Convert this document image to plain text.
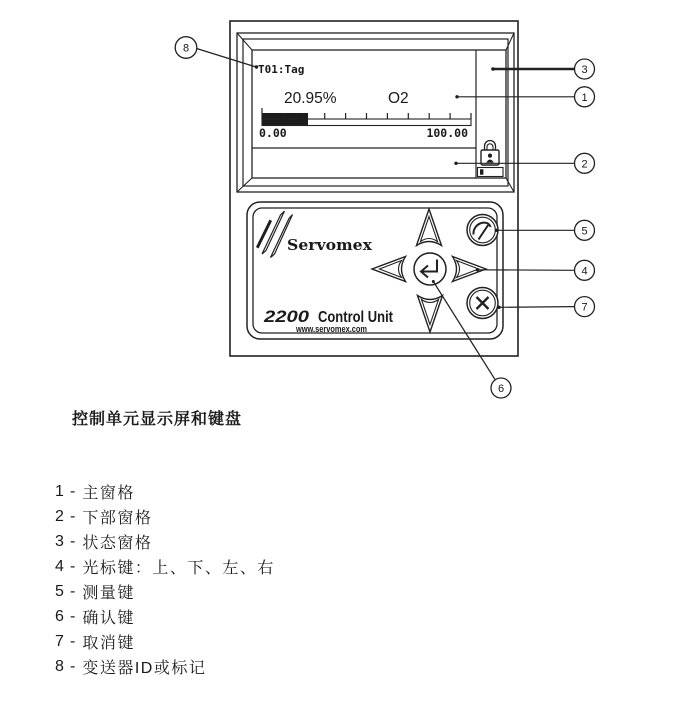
T01:Tag
20.95%	O2
0.00	100.00
Servomex
2200 Control Unit
www.servomex.com
8
3
1
2
5
4
7
6
控制单元显示屏和键盘
1 - 主窗格
2 - 下部窗格
3 - 状态窗格
4 - 光标键：上、下、左、右
5 - 测量键
6 - 确认键
7 - 取消键
8 - 变送器ID或标记
